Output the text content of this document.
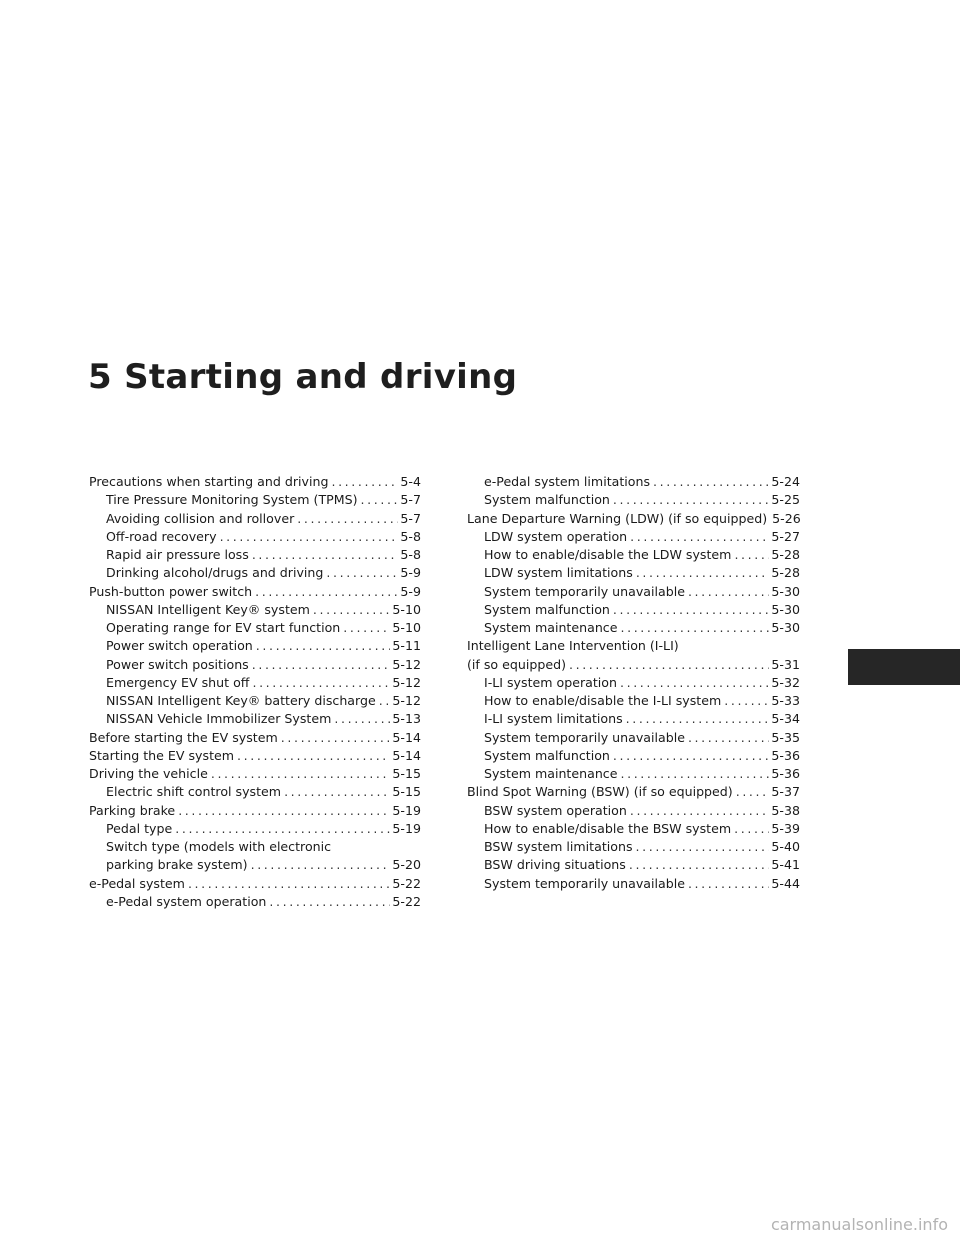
5 Starting and driving
Precautions when starting and driving .....	5-4
Tire Pressure Monitoring System (TPMS) .....	5-7
Avoiding collision and rollover .....	5-7
Off-road recovery .....	5-8
Rapid air pressure loss .....	5-8
Drinking alcohol/drugs and driving .....	5-9
Push-button power switch .....	5-9
NISSAN Intelligent Key® system .....	5-10
Operating range for EV start function .....	5-10
Power switch operation .....	5-11
Power switch positions .....	5-12
Emergency EV shut off .....	5-12
NISSAN Intelligent Key® battery discharge ..... 5-12
NISSAN Vehicle Immobilizer System .....	5-13
Before starting the EV system .....	5-14
Starting the EV system .....	5-14
Driving the vehicle .....	5-15
Electric shift control system .....	5-15
Parking brake .....	5-19
Pedal type .....	5-19
Switch type (models with electronic
parking brake system) .....	5-20
e-Pedal system .....	5-22
e-Pedal system operation .....	5-22
e-Pedal system limitations .....	5-24
System malfunction .....	5-25
Lane Departure Warning (LDW) (if so equipped) 5-26
LDW system operation .....	5-27
How to enable/disable the LDW system .....	5-28
LDW system limitations .....	5-28
System temporarily unavailable .....	5-30
System malfunction .....	5-30
System maintenance .....	5-30
Intelligent Lane Intervention (I-LI)
(if so equipped) .....	5-31
I-LI system operation .....	5-32
How to enable/disable the I-LI system .....	5-33
I-LI system limitations .....	5-34
System temporarily unavailable .....	5-35
System malfunction .....	5-36
System maintenance .....	5-36
Blind Spot Warning (BSW) (if so equipped) .....	5-37
BSW system operation .....	5-38
How to enable/disable the BSW system .....	5-39
BSW system limitations .....	5-40
BSW driving situations .....	5-41
System temporarily unavailable .....	5-44

carmanualsonline.info
